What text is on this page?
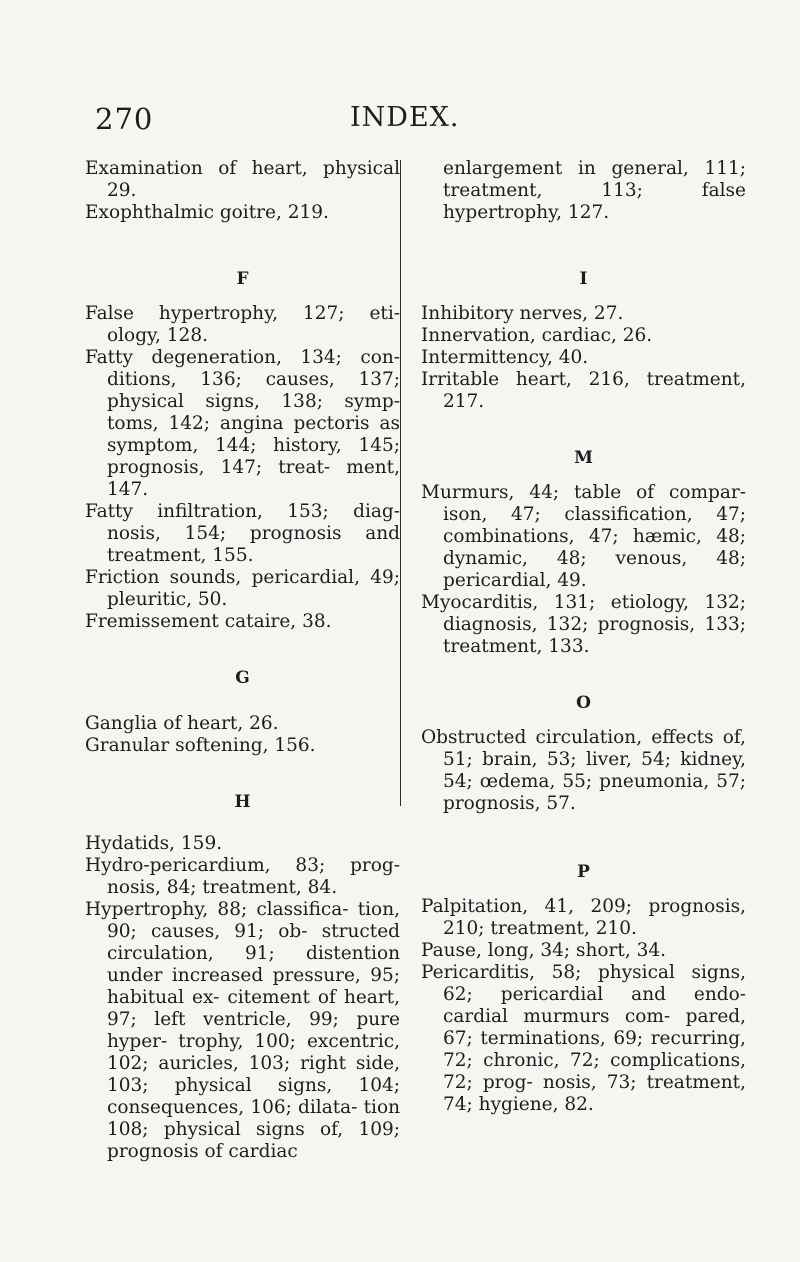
270	INDEX.

Examination of heart, physical 29.

Exophthalmic goitre, 219.

F

False hypertrophy, 127; eti- ology, 128.

Fatty degeneration, 134; con- ditions, 136; causes, 137; physical signs, 138; symp- toms, 142; angina pectoris as symptom, 144; history, 145; prognosis, 147; treat- ment, 147.

Fatty infiltration, 153; diag- nosis, 154; prognosis and treatment, 155.

Friction sounds, pericardial, 49; pleuritic, 50.

Fremissement cataire, 38.

G

Ganglia of heart, 26.

Granular softening, 156.

H

Hydatids, 159.

Hydro-pericardium, 83; prog- nosis, 84; treatment, 84.

Hypertrophy, 88; classifica- tion, 90; causes, 91; ob- structed circulation, 91; distention under increased pressure, 95; habitual ex- citement of heart, 97; left ventricle, 99; pure hyper- trophy, 100; excentric, 102; auricles, 103; right side, 103; physical signs, 104; consequences, 106; dilata- tion 108; physical signs of, 109; prognosis of cardiac

enlargement in general, 111; treatment, 113; false hypertrophy, 127.

I

Inhibitory nerves, 27.

Innervation, cardiac, 26.

Intermittency, 40.

Irritable heart, 216, treatment, 217.

M

Murmurs, 44; table of compar- ison, 47; classification, 47; combinations, 47; hæmic, 48; dynamic, 48; venous, 48; pericardial, 49.

Myocarditis, 131; etiology, 132; diagnosis, 132; prognosis, 133; treatment, 133.

O

Obstructed circulation, effects of, 51; brain, 53; liver, 54; kidney, 54; œdema, 55; pneumonia, 57; prognosis, 57.

P

Palpitation, 41, 209; prognosis, 210; treatment, 210.

Pause, long, 34; short, 34.

Pericarditis, 58; physical signs, 62; pericardial and endo- cardial murmurs com- pared, 67; terminations, 69; recurring, 72; chronic, 72; complications, 72; prog- nosis, 73; treatment, 74; hygiene, 82.
